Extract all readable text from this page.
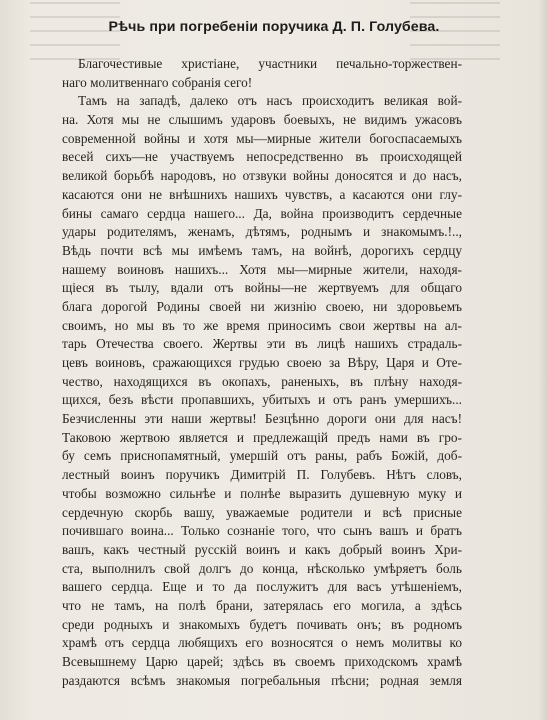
Рѣчь при погребеніи поручика Д. П. Голубева.
Благочестивые христіане, участники печально-торжествен-
наго молитвеннаго собранія сего!
Тамъ на западѣ, далеко отъ насъ происходитъ великая вой-
на. Хотя мы не слышимъ ударовъ боевыхъ, не видимъ ужасовъ
современной войны и хотя мы—мирные жители богоспасаемыхъ
весей сихъ—не участвуемъ непосредственно въ происходящей
великой борьбѣ народовъ, но отзвуки войны доносятся и до насъ,
касаются они не внѣшнихъ нашихъ чувствъ, а касаются они глу-
бины самаго сердца нашего... Да, война производитъ сердечные
удары родителямъ, женамъ, дѣтямъ, роднымъ и знакомымъ.!..,
Вѣдь почти всѣ мы имѣемъ тамъ, на войнѣ, дорогихъ сердцу
нашему воиновъ нашихъ... Хотя мы—мирные жители, находя-
щіеся въ тылу, вдали отъ войны—не жертвуемъ для общаго
блага дорогой Родины своей ни жизнію своею, ни здоровьемъ
своимъ, но мы въ то же время приносимъ свои жертвы на ал-
тарь Отечества своего. Жертвы эти въ лицѣ нашихъ страдаль-
цевъ воиновъ, сражающихся грудью своею за Вѣру, Царя и Оте-
чество, находящихся въ окопахъ, раненыхъ, въ плѣну находя-
щихся, безъ вѣсти пропавшихъ, убитыхъ и отъ ранъ умершихъ...
Безчисленны эти наши жертвы! Безцѣнно дороги они для насъ!
Таковою жертвою является и предлежащій предъ нами въ гро-
бу семъ приснопамятный, умершій отъ раны, рабъ Божій, доб-
лестный воинъ поручикъ Димитрій П. Голубевъ. Нѣтъ словъ,
чтобы возможно сильнѣе и полнѣе выразить душевную муку и
сердечную скорбь вашу, уважаемые родители и всѣ присные
почившаго воина... Только сознаніе того, что сынъ вашъ и братъ
вашъ, какъ честный русскій воинъ и какъ добрый воинъ Хри-
ста, выполнилъ свой долгъ до конца, нѣсколько умѣряетъ боль
вашего сердца. Еще и то да послужитъ для васъ утѣшеніемъ,
что не тамъ, на полѣ брани, затерялась его могила, а здѣсь
среди родныхъ и знакомыхъ будетъ почивать онъ; въ родномъ
храмѣ отъ сердца любящихъ его возносятся о немъ молитвы ко
Всевышнему Царю царей; здѣсь въ своемъ приходскомъ храмѣ
раздаются всѣмъ знакомыя погребальныя пѣсни; родная земля
